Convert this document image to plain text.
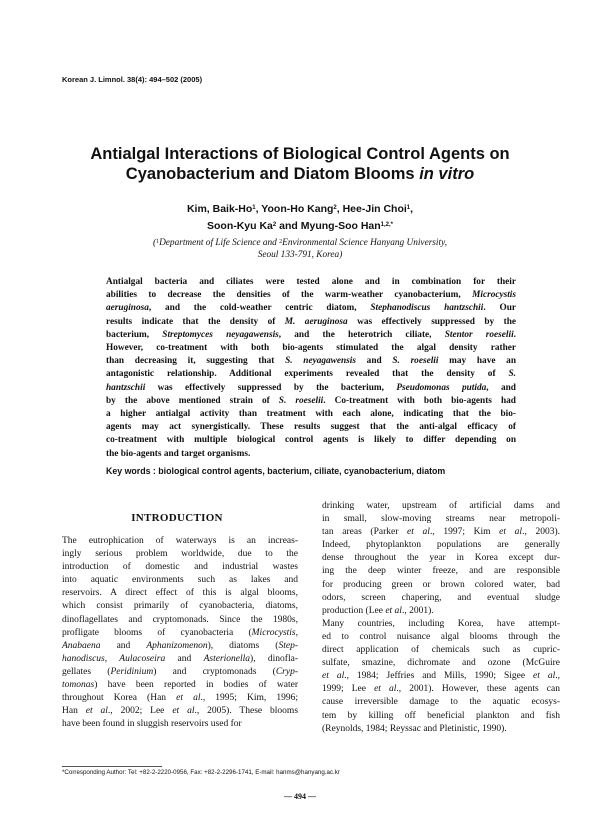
Korean J. Limnol. 38(4): 494–502 (2005)
Antialgal Interactions of Biological Control Agents on
Cyanobacterium and Diatom Blooms in vitro
Kim, Baik-Ho$^1$, Yoon-Ho Kang$^2$, Hee-Jin Choi$^1$,
Soon-Kyu Ka$^2$ and Myung-Soo Han$^{1,2,*}$
($^1$Department of Life Science and $^2$Environmental Science Hanyang University,
Seoul 133-791, Korea)
Antialgal bacteria and ciliates were tested alone and in combination for their
abilities to decrease the densities of the warm-weather cyanobacterium, Microcystis
aeruginosa, and the cold-weather centric diatom, Stephanodiscus hantzschii. Our
results indicate that the density of M. aeruginosa was effectively suppressed by the
bacterium, Streptomyces neyagawensis, and the heterotrich ciliate, Stentor roeselii.
However, co-treatment with both bio-agents stimulated the algal density rather
than decreasing it, suggesting that S. neyagawensis and S. roeselii may have an
antagonistic relationship. Additional experiments revealed that the density of S.
hantzschii was effectively suppressed by the bacterium, Pseudomonas putida, and
by the above mentioned strain of S. roeselii. Co-treatment with both bio-agents had
a higher antialgal activity than treatment with each alone, indicating that the bio-
agents may act synergistically. These results suggest that the anti-algal efficacy of
co-treatment with multiple biological control agents is likely to differ depending on
the bio-agents and target organisms.
Key words : biological control agents, bacterium, ciliate, cyanobacterium, diatom
INTRODUCTION
The eutrophication of waterways is an increas-
ingly serious problem worldwide, due to the
introduction of domestic and industrial wastes
into aquatic environments such as lakes and
reservoirs. A direct effect of this is algal blooms,
which consist primarily of cyanobacteria, diatoms,
dinoflagellates and cryptomonads. Since the 1980s,
profligate blooms of cyanobacteria (Microcystis,
Anabaena and Aphanizomenon), diatoms (Step-
hanodiscus, Aulacoseira and Asterionella), dinofla-
gellates (Peridinium) and cryptomonads (Cryp-
tomonas) have been reported in bodies of water
throughout Korea (Han et al., 1995; Kim, 1996;
Han et al., 2002; Lee et al., 2005). These blooms
have been found in sluggish reservoirs used for
drinking water, upstream of artificial dams and
in small, slow-moving streams near metropoli-
tan areas (Parker et al., 1997; Kim et al., 2003).
Indeed, phytoplankton populations are generally
dense throughout the year in Korea except dur-
ing the deep winter freeze, and are responsible
for producing green or brown colored water, bad
odors, screen chapering, and eventual sludge
production (Lee et al., 2001).
Many countries, including Korea, have attempt-
ed to control nuisance algal blooms through the
direct application of chemicals such as cupric-
sulfate, smazine, dichromate and ozone (McGuire
et al., 1984; Jeffries and Mills, 1990; Sigee et al.,
1999; Lee et al., 2001). However, these agents can
cause irreversible damage to the aquatic ecosys-
tem by killing off beneficial plankton and fish
(Reynolds, 1984; Reyssac and Pletinistic, 1990).
*Corresponding Author: Tel: +82-2-2220-0956, Fax: +82-2-2296-1741, E-mail: hanms@hanyang.ac.kr
— 494 —
